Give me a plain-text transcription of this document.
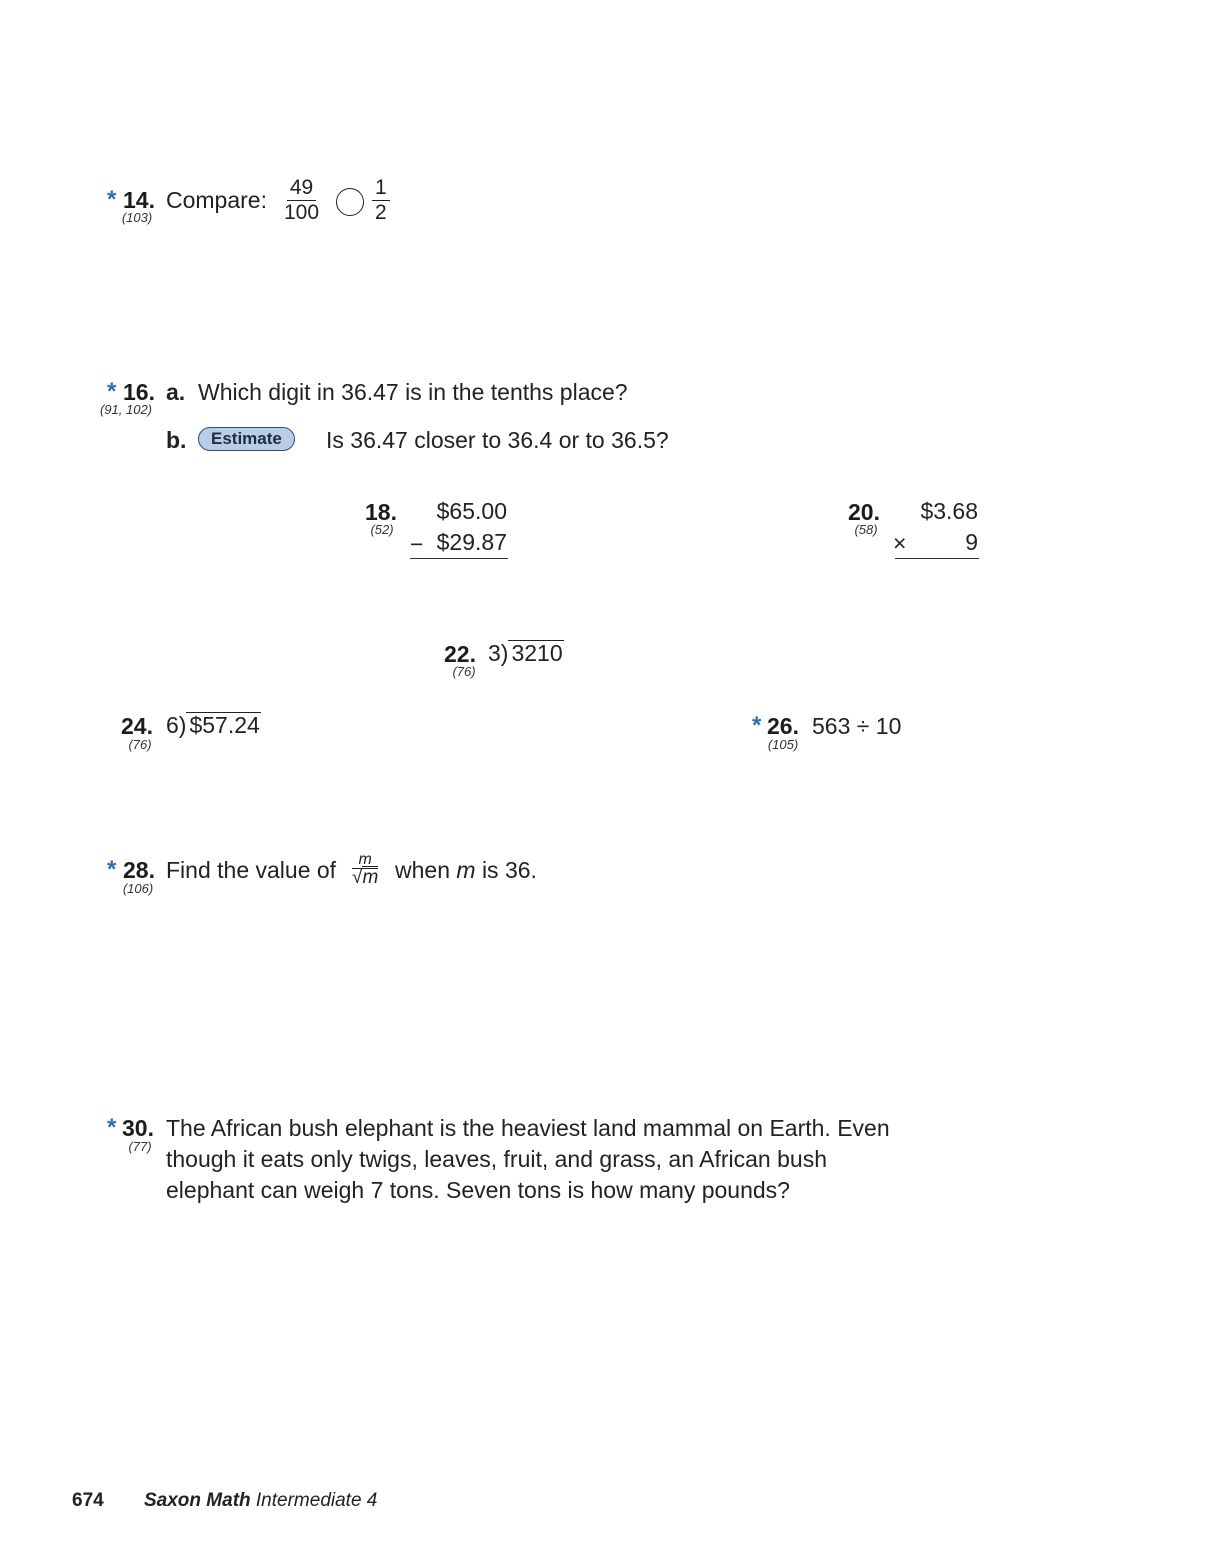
* 14.
(103)
Compare: $\frac{49}{100} \frac{1}{2}$
* 16.
(91, 102)
a. Which digit in 36.47 is in the tenths place?
b.	Estimate	Is 36.47 closer to 36.4 or to 36.5?
18.
(52)
$65.00
− $29.87
20.
(58)
$3.68
×	9
22.
(76)
3) 3210
24.
(76)
6) $57.24	* 26.
(105)
563 ÷ 10
* 28.
(106)
Find the value of	m
√m when m is 36.
* 30.
(77)
The African bush elephant is the heaviest land mammal on Earth. Even
though it eats only twigs, leaves, fruit, and grass, an African bush
elephant can weigh 7 tons. Seven tons is how many pounds?
674 Saxon Math Intermediate 4
